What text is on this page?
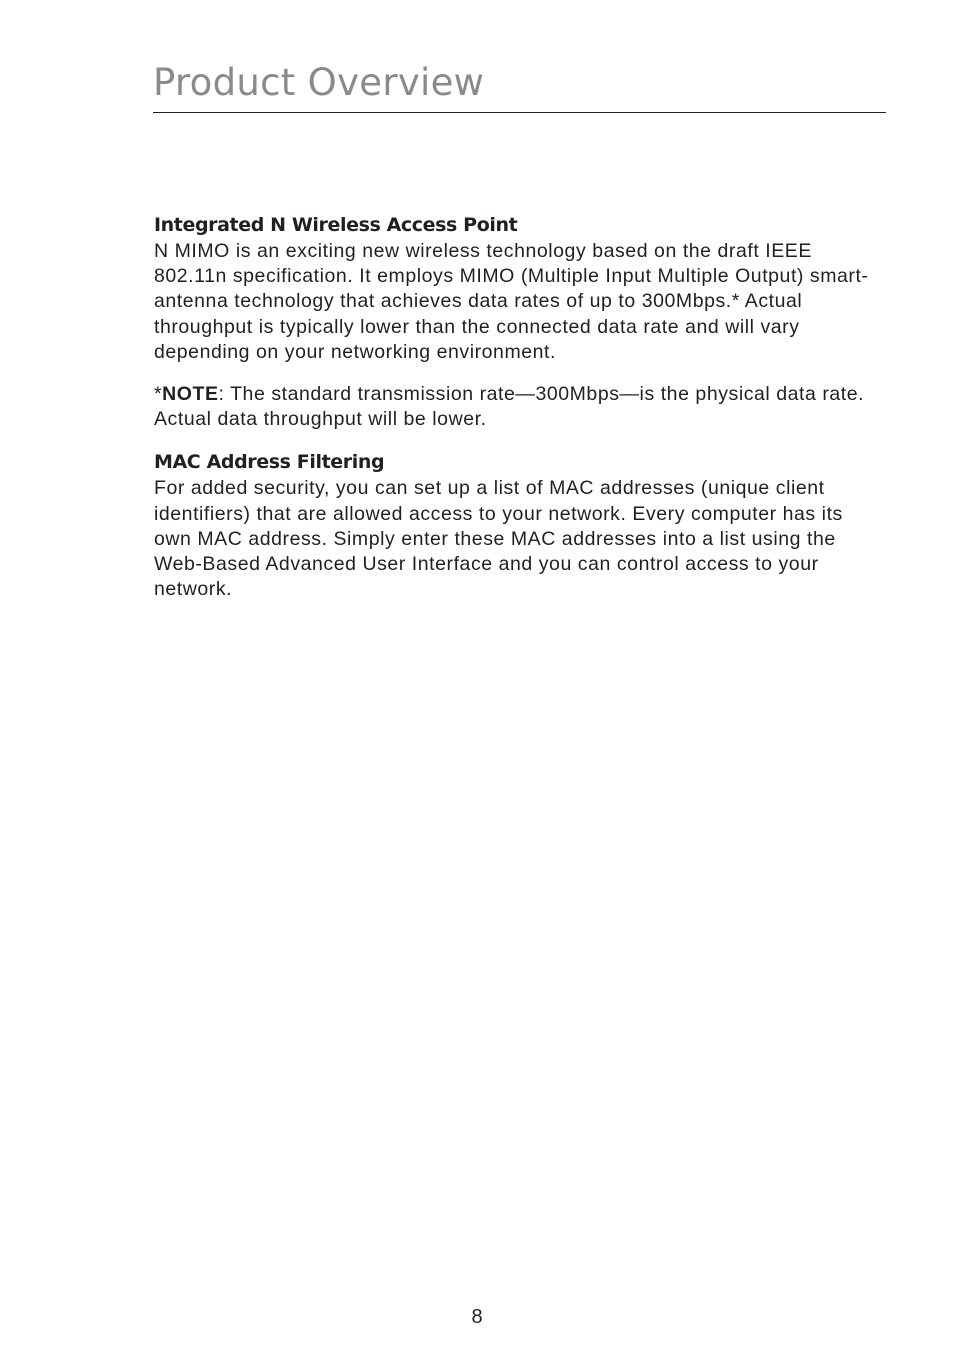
Product Overview
Integrated N Wireless Access Point

N MIMO is an exciting new wireless technology based on the draft IEEE 802.11n specification. It employs MIMO (Multiple Input Multiple Output) smart-antenna technology that achieves data rates of up to 300Mbps.* Actual throughput is typically lower than the connected data rate and will vary depending on your networking environment.

*NOTE: The standard transmission rate—300Mbps—is the physical data rate. Actual data throughput will be lower.

MAC Address Filtering

For added security, you can set up a list of MAC addresses (unique client identifiers) that are allowed access to your network. Every computer has its own MAC address. Simply enter these MAC addresses into a list using the Web-Based Advanced User Interface and you can control access to your network.

8
